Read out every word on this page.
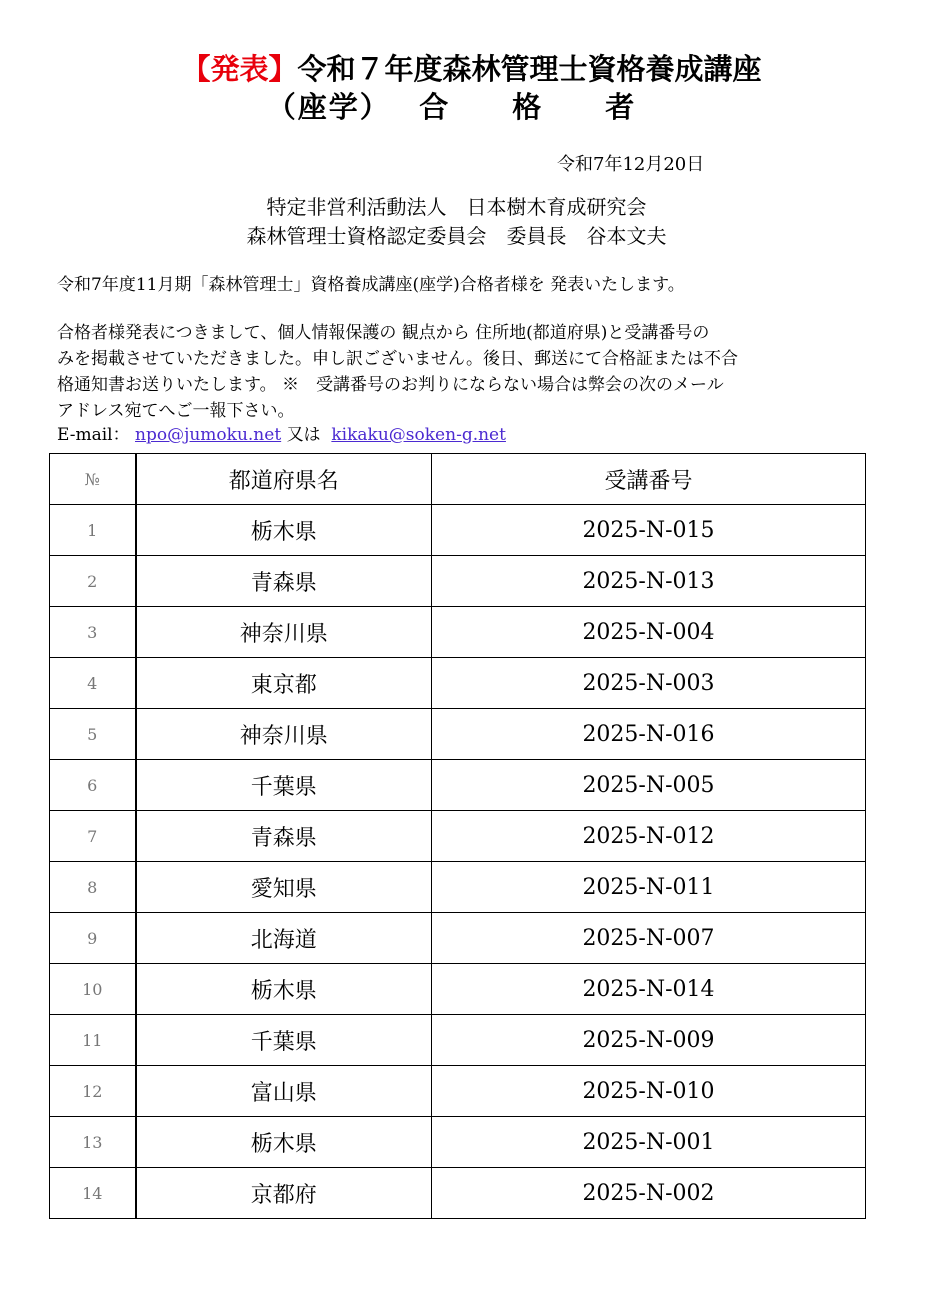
【発表】令和７年度森林管理士資格養成講座
（座学）　 合　　格　　者
令和7年12月20日
特定非営利活動法人　日本樹木育成研究会
森林管理士資格認定委員会　委員長　谷本文夫
令和7年度11月期「森林管理士」資格養成講座(座学)合格者様を 発表いたします。
合格者様発表につきまして、個人情報保護の 観点から 住所地(都道府県)と受講番号の
みを掲載させていただきました。申し訳ございません。後日、郵送にて合格証または不合
格通知書お送りいたします。 ※　受講番号のお判りにならない場合は弊会の次のメール
アドレス宛てへご一報下さい。
E-mail： npo@jumoku.net 又は kikaku@soken-g.net
№	都道府県名	受講番号
1	栃木県	2025-N-015
2	青森県	2025-N-013
3	神奈川県	2025-N-004
4	東京都	2025-N-003
5	神奈川県	2025-N-016
6	千葉県	2025-N-005
7	青森県	2025-N-012
8	愛知県	2025-N-011
9	北海道	2025-N-007
10	栃木県	2025-N-014
11	千葉県	2025-N-009
12	富山県	2025-N-010
13	栃木県	2025-N-001
14	京都府	2025-N-002
